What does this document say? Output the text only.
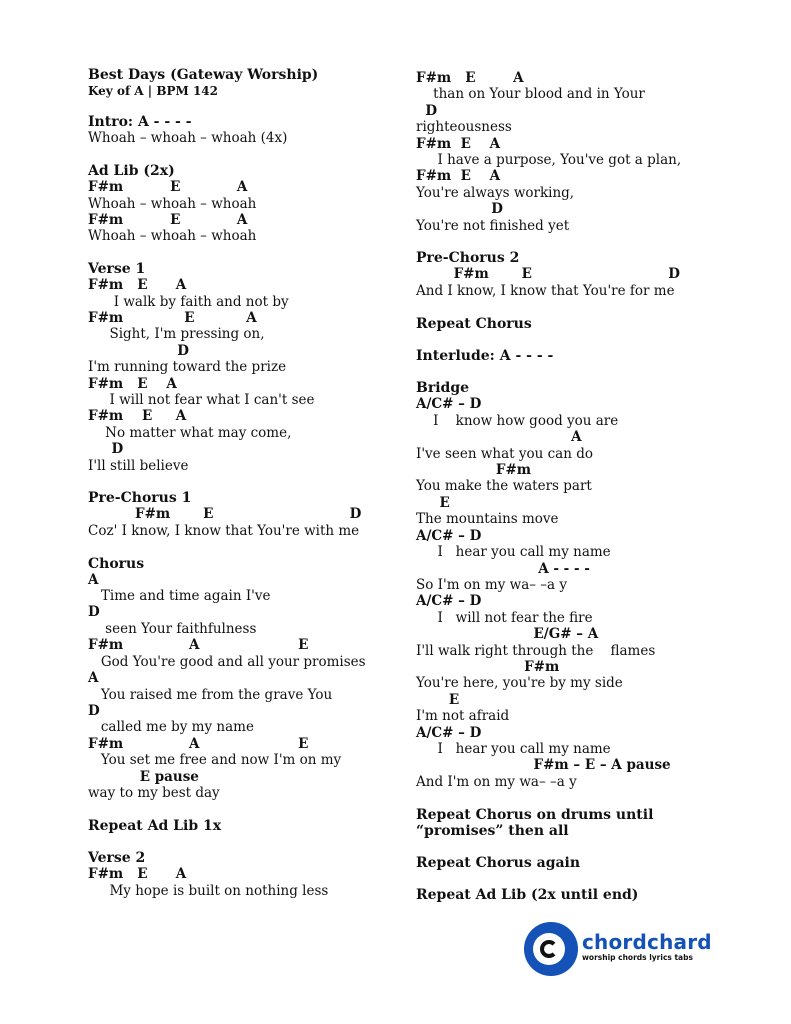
Best Days (Gateway Worship)
Key of A | BPM 142
Intro: A - - - -
Whoah – whoah – whoah (4x)
Ad Lib (2x)
F#m          E            A
Whoah – whoah – whoah
F#m          E            A
Whoah – whoah – whoah
Verse 1
F#m   E      A
I walk by faith and not by
F#m             E           A
Sight, I'm pressing on,
D
I'm running toward the prize
F#m   E    A
I will not fear what I can't see
F#m    E     A
No matter what may come,
D
I'll still believe
Pre-Chorus 1
F#m       E                             D
Coz' I know, I know that You're with me
Chorus
A
Time and time again I've
D
seen Your faithfulness
F#m              A                     E
God You're good and all your promises
A
You raised me from the grave You
D
called me by my name
F#m              A                     E
You set me free and now I'm on my
E pause
way to my best day
Repeat Ad Lib 1x
Verse 2
F#m   E      A
My hope is built on nothing less
F#m   E        A
than on Your blood and in Your
D
righteousness
F#m  E    A
I have a purpose, You've got a plan,
F#m  E    A
You're always working,
D
You're not finished yet
Pre-Chorus 2
F#m       E                             D
And I know, I know that You're for me
Repeat Chorus
Interlude: A - - - -
Bridge
A/C# – D
I    know how good you are
A
I've seen what you can do
F#m
You make the waters part
E
The mountains move
A/C# – D
I   hear you call my name
A - - - -
So I'm on my wa– –a y
A/C# – D
I   will not fear the fire
E/G# – A
I'll walk right through the    flames
F#m
You're here, you're by my side
E
I'm not afraid
A/C# – D
I   hear you call my name
F#m – E – A pause
And I'm on my wa– –a y
Repeat Chorus on drums until
“promises” then all
Repeat Chorus again
Repeat Ad Lib (2x until end)
chordchard
worship chords lyrics tabs
